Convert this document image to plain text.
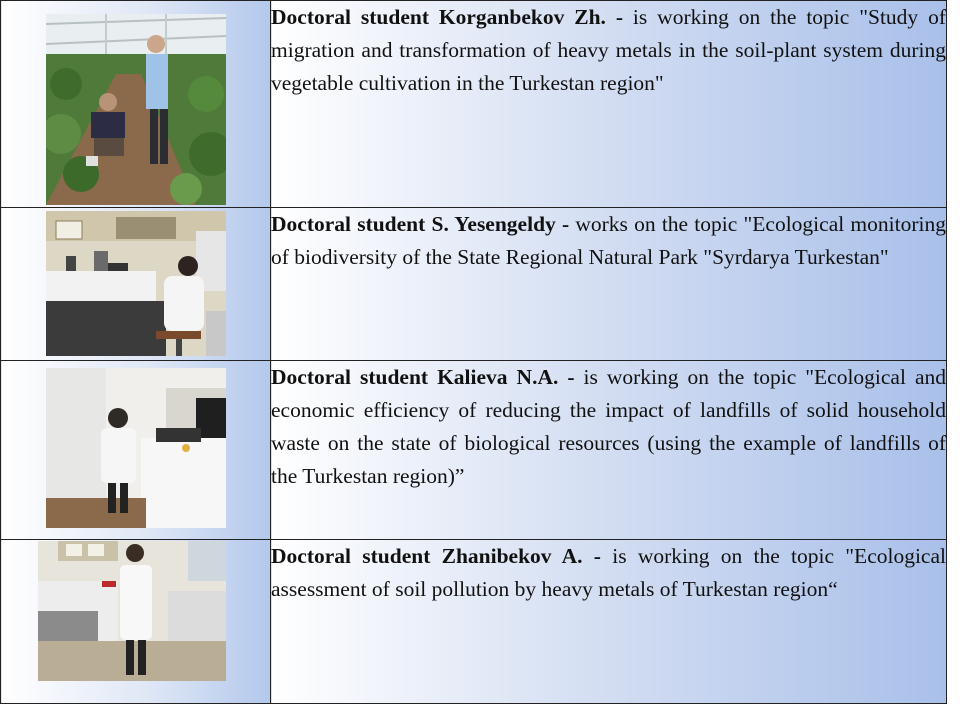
	Doctoral student Korganbekov Zh. - is working on the topic "Study of migration and transformation of heavy metals in the soil-plant system during vegetable cultivation in the Turkestan region"

	Doctoral student S. Yesengeldy - works on the topic "Ecological monitoring of biodiversity of the State Regional Natural Park "Syrdarya Turkestan"

	Doctoral student Kalieva N.A. - is working on the topic "Ecological and economic efficiency of reducing the impact of landfills of solid household waste on the state of biological resources (using the example of landfills of the Turkestan region)”

	Doctoral student Zhanibekov A. - is working on the topic "Ecological assessment of soil pollution by heavy metals of Turkestan region“
